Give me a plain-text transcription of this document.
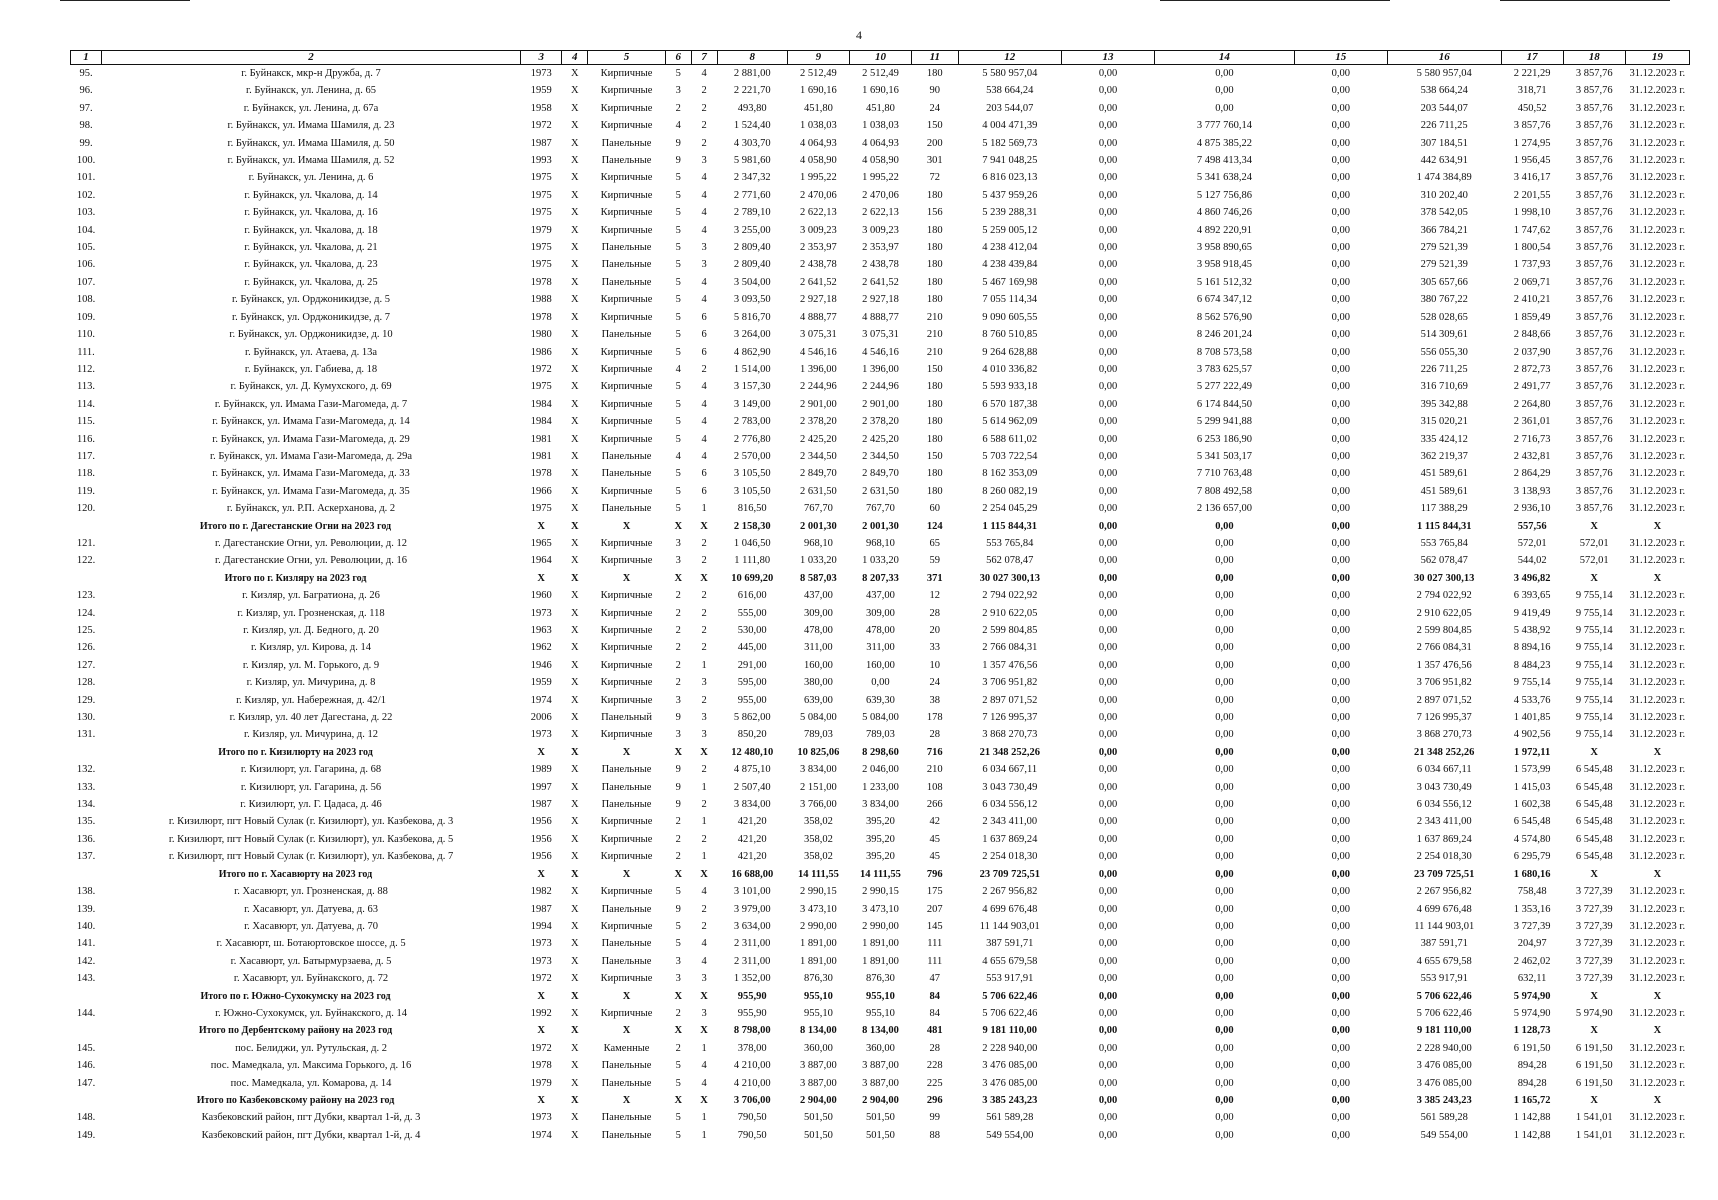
4
1	2	3	4	5	6	7	8	9	10	11	12	13	14	15	16	17	18	19
95.	г. Буйнакск, мкр-н Дружба, д. 7	1973	X	Кирпичные	5	4	2 881,00	2 512,49	2 512,49	180	5 580 957,04	0,00	0,00	0,00	5 580 957,04	2 221,29	3 857,76	31.12.2023 г.
96.	г. Буйнакск, ул. Ленина, д. 65	1959	X	Кирпичные	3	2	2 221,70	1 690,16	1 690,16	90	538 664,24	0,00	0,00	0,00	538 664,24	318,71	3 857,76	31.12.2023 г.
97.	г. Буйнакск, ул. Ленина, д. 67а	1958	X	Кирпичные	2	2	493,80	451,80	451,80	24	203 544,07	0,00	0,00	0,00	203 544,07	450,52	3 857,76	31.12.2023 г.
98.	г. Буйнакск, ул. Имама Шамиля, д. 23	1972	X	Кирпичные	4	2	1 524,40	1 038,03	1 038,03	150	4 004 471,39	0,00	3 777 760,14	0,00	226 711,25	3 857,76	3 857,76	31.12.2023 г.
99.	г. Буйнакск, ул. Имама Шамиля, д. 50	1987	X	Панельные	9	2	4 303,70	4 064,93	4 064,93	200	5 182 569,73	0,00	4 875 385,22	0,00	307 184,51	1 274,95	3 857,76	31.12.2023 г.
100.	г. Буйнакск, ул. Имама Шамиля, д. 52	1993	X	Панельные	9	3	5 981,60	4 058,90	4 058,90	301	7 941 048,25	0,00	7 498 413,34	0,00	442 634,91	1 956,45	3 857,76	31.12.2023 г.
101.	г. Буйнакск, ул. Ленина, д. 6	1975	X	Кирпичные	5	4	2 347,32	1 995,22	1 995,22	72	6 816 023,13	0,00	5 341 638,24	0,00	1 474 384,89	3 416,17	3 857,76	31.12.2023 г.
102.	г. Буйнакск, ул. Чкалова, д. 14	1975	X	Кирпичные	5	4	2 771,60	2 470,06	2 470,06	180	5 437 959,26	0,00	5 127 756,86	0,00	310 202,40	2 201,55	3 857,76	31.12.2023 г.
103.	г. Буйнакск, ул. Чкалова, д. 16	1975	X	Кирпичные	5	4	2 789,10	2 622,13	2 622,13	156	5 239 288,31	0,00	4 860 746,26	0,00	378 542,05	1 998,10	3 857,76	31.12.2023 г.
104.	г. Буйнакск, ул. Чкалова, д. 18	1979	X	Кирпичные	5	4	3 255,00	3 009,23	3 009,23	180	5 259 005,12	0,00	4 892 220,91	0,00	366 784,21	1 747,62	3 857,76	31.12.2023 г.
105.	г. Буйнакск, ул. Чкалова, д. 21	1975	X	Панельные	5	3	2 809,40	2 353,97	2 353,97	180	4 238 412,04	0,00	3 958 890,65	0,00	279 521,39	1 800,54	3 857,76	31.12.2023 г.
106.	г. Буйнакск, ул. Чкалова, д. 23	1975	X	Панельные	5	3	2 809,40	2 438,78	2 438,78	180	4 238 439,84	0,00	3 958 918,45	0,00	279 521,39	1 737,93	3 857,76	31.12.2023 г.
107.	г. Буйнакск, ул. Чкалова, д. 25	1978	X	Панельные	5	4	3 504,00	2 641,52	2 641,52	180	5 467 169,98	0,00	5 161 512,32	0,00	305 657,66	2 069,71	3 857,76	31.12.2023 г.
108.	г. Буйнакск, ул. Орджоникидзе, д. 5	1988	X	Кирпичные	5	4	3 093,50	2 927,18	2 927,18	180	7 055 114,34	0,00	6 674 347,12	0,00	380 767,22	2 410,21	3 857,76	31.12.2023 г.
109.	г. Буйнакск, ул. Орджоникидзе, д. 7	1978	X	Кирпичные	5	6	5 816,70	4 888,77	4 888,77	210	9 090 605,55	0,00	8 562 576,90	0,00	528 028,65	1 859,49	3 857,76	31.12.2023 г.
110.	г. Буйнакск, ул. Орджоникидзе, д. 10	1980	X	Панельные	5	6	3 264,00	3 075,31	3 075,31	210	8 760 510,85	0,00	8 246 201,24	0,00	514 309,61	2 848,66	3 857,76	31.12.2023 г.
111.	г. Буйнакск, ул. Атаева, д. 13а	1986	X	Кирпичные	5	6	4 862,90	4 546,16	4 546,16	210	9 264 628,88	0,00	8 708 573,58	0,00	556 055,30	2 037,90	3 857,76	31.12.2023 г.
112.	г. Буйнакск, ул. Габиева, д. 18	1972	X	Кирпичные	4	2	1 514,00	1 396,00	1 396,00	150	4 010 336,82	0,00	3 783 625,57	0,00	226 711,25	2 872,73	3 857,76	31.12.2023 г.
113.	г. Буйнакск, ул. Д. Кумухского, д. 69	1975	X	Кирпичные	5	4	3 157,30	2 244,96	2 244,96	180	5 593 933,18	0,00	5 277 222,49	0,00	316 710,69	2 491,77	3 857,76	31.12.2023 г.
114.	г. Буйнакск, ул. Имама Гази-Магомеда, д. 7	1984	X	Кирпичные	5	4	3 149,00	2 901,00	2 901,00	180	6 570 187,38	0,00	6 174 844,50	0,00	395 342,88	2 264,80	3 857,76	31.12.2023 г.
115.	г. Буйнакск, ул. Имама Гази-Магомеда, д. 14	1984	X	Кирпичные	5	4	2 783,00	2 378,20	2 378,20	180	5 614 962,09	0,00	5 299 941,88	0,00	315 020,21	2 361,01	3 857,76	31.12.2023 г.
116.	г. Буйнакск, ул. Имама Гази-Магомеда, д. 29	1981	X	Кирпичные	5	4	2 776,80	2 425,20	2 425,20	180	6 588 611,02	0,00	6 253 186,90	0,00	335 424,12	2 716,73	3 857,76	31.12.2023 г.
117.	г. Буйнакск, ул. Имама Гази-Магомеда, д. 29а	1981	X	Панельные	4	4	2 570,00	2 344,50	2 344,50	150	5 703 722,54	0,00	5 341 503,17	0,00	362 219,37	2 432,81	3 857,76	31.12.2023 г.
118.	г. Буйнакск, ул. Имама Гази-Магомеда, д. 33	1978	X	Панельные	5	6	3 105,50	2 849,70	2 849,70	180	8 162 353,09	0,00	7 710 763,48	0,00	451 589,61	2 864,29	3 857,76	31.12.2023 г.
119.	г. Буйнакск, ул. Имама Гази-Магомеда, д. 35	1966	X	Кирпичные	5	6	3 105,50	2 631,50	2 631,50	180	8 260 082,19	0,00	7 808 492,58	0,00	451 589,61	3 138,93	3 857,76	31.12.2023 г.
120.	г. Буйнакск, ул. Р.П. Аскерханова, д. 2	1975	X	Панельные	5	1	816,50	767,70	767,70	60	2 254 045,29	0,00	2 136 657,00	0,00	117 388,29	2 936,10	3 857,76	31.12.2023 г.
Итого по г. Дагестанские Огни на 2023 год		X	X	X	X	X	2 158,30	2 001,30	2 001,30	124	1 115 844,31	0,00	0,00	0,00	1 115 844,31	557,56	X	X
121.	г. Дагестанские Огни, ул. Революции, д. 12	1965	X	Кирпичные	3	2	1 046,50	968,10	968,10	65	553 765,84	0,00	0,00	0,00	553 765,84	572,01	572,01	31.12.2023 г.
122.	г. Дагестанские Огни, ул. Революции, д. 16	1964	X	Кирпичные	3	2	1 111,80	1 033,20	1 033,20	59	562 078,47	0,00	0,00	0,00	562 078,47	544,02	572,01	31.12.2023 г.
Итого по г. Кизляру на 2023 год		X	X	X	X	X	10 699,20	8 587,03	8 207,33	371	30 027 300,13	0,00	0,00	0,00	30 027 300,13	3 496,82	X	X
123.	г. Кизляр, ул. Багратиона, д. 26	1960	X	Кирпичные	2	2	616,00	437,00	437,00	12	2 794 022,92	0,00	0,00	0,00	2 794 022,92	6 393,65	9 755,14	31.12.2023 г.
124.	г. Кизляр, ул. Грозненская, д. 118	1973	X	Кирпичные	2	2	555,00	309,00	309,00	28	2 910 622,05	0,00	0,00	0,00	2 910 622,05	9 419,49	9 755,14	31.12.2023 г.
125.	г. Кизляр, ул. Д. Бедного, д. 20	1963	X	Кирпичные	2	2	530,00	478,00	478,00	20	2 599 804,85	0,00	0,00	0,00	2 599 804,85	5 438,92	9 755,14	31.12.2023 г.
126.	г. Кизляр, ул. Кирова, д. 14	1962	X	Кирпичные	2	2	445,00	311,00	311,00	33	2 766 084,31	0,00	0,00	0,00	2 766 084,31	8 894,16	9 755,14	31.12.2023 г.
127.	г. Кизляр, ул. М. Горького, д. 9	1946	X	Кирпичные	2	1	291,00	160,00	160,00	10	1 357 476,56	0,00	0,00	0,00	1 357 476,56	8 484,23	9 755,14	31.12.2023 г.
128.	г. Кизляр, ул. Мичурина, д. 8	1959	X	Кирпичные	2	3	595,00	380,00	0,00	24	3 706 951,82	0,00	0,00	0,00	3 706 951,82	9 755,14	9 755,14	31.12.2023 г.
129.	г. Кизляр, ул. Набережная, д. 42/1	1974	X	Кирпичные	3	2	955,00	639,00	639,30	38	2 897 071,52	0,00	0,00	0,00	2 897 071,52	4 533,76	9 755,14	31.12.2023 г.
130.	г. Кизляр, ул. 40 лет Дагестана, д. 22	2006	X	Панельный	9	3	5 862,00	5 084,00	5 084,00	178	7 126 995,37	0,00	0,00	0,00	7 126 995,37	1 401,85	9 755,14	31.12.2023 г.
131.	г. Кизляр, ул. Мичурина, д. 12	1973	X	Кирпичные	3	3	850,20	789,03	789,03	28	3 868 270,73	0,00	0,00	0,00	3 868 270,73	4 902,56	9 755,14	31.12.2023 г.
Итого по г. Кизилюрту на 2023 год		X	X	X	X	X	12 480,10	10 825,06	8 298,60	716	21 348 252,26	0,00	0,00	0,00	21 348 252,26	1 972,11	X	X
132.	г. Кизилюрт, ул. Гагарина, д. 68	1989	X	Панельные	9	2	4 875,10	3 834,00	2 046,00	210	6 034 667,11	0,00	0,00	0,00	6 034 667,11	1 573,99	6 545,48	31.12.2023 г.
133.	г. Кизилюрт, ул. Гагарина, д. 56	1997	X	Панельные	9	1	2 507,40	2 151,00	1 233,00	108	3 043 730,49	0,00	0,00	0,00	3 043 730,49	1 415,03	6 545,48	31.12.2023 г.
134.	г. Кизилюрт, ул. Г. Цадаса, д. 46	1987	X	Панельные	9	2	3 834,00	3 766,00	3 834,00	266	6 034 556,12	0,00	0,00	0,00	6 034 556,12	1 602,38	6 545,48	31.12.2023 г.
135.	г. Кизилюрт, пгт Новый Сулак (г. Кизилюрт), ул. Казбекова, д. 3	1956	X	Кирпичные	2	1	421,20	358,02	395,20	42	2 343 411,00	0,00	0,00	0,00	2 343 411,00	6 545,48	6 545,48	31.12.2023 г.
136.	г. Кизилюрт, пгт Новый Сулак (г. Кизилюрт), ул. Казбекова, д. 5	1956	X	Кирпичные	2	2	421,20	358,02	395,20	45	1 637 869,24	0,00	0,00	0,00	1 637 869,24	4 574,80	6 545,48	31.12.2023 г.
137.	г. Кизилюрт, пгт Новый Сулак (г. Кизилюрт), ул. Казбекова, д. 7	1956	X	Кирпичные	2	1	421,20	358,02	395,20	45	2 254 018,30	0,00	0,00	0,00	2 254 018,30	6 295,79	6 545,48	31.12.2023 г.
Итого по г. Хасавюрту на 2023 год		X	X	X	X	X	16 688,00	14 111,55	14 111,55	796	23 709 725,51	0,00	0,00	0,00	23 709 725,51	1 680,16	X	X
138.	г. Хасавюрт, ул. Грозненская, д. 88	1982	X	Кирпичные	5	4	3 101,00	2 990,15	2 990,15	175	2 267 956,82	0,00	0,00	0,00	2 267 956,82	758,48	3 727,39	31.12.2023 г.
139.	г. Хасавюрт, ул. Датуева, д. 63	1987	X	Панельные	9	2	3 979,00	3 473,10	3 473,10	207	4 699 676,48	0,00	0,00	0,00	4 699 676,48	1 353,16	3 727,39	31.12.2023 г.
140.	г. Хасавюрт, ул. Датуева, д. 70	1994	X	Кирпичные	5	2	3 634,00	2 990,00	2 990,00	145	11 144 903,01	0,00	0,00	0,00	11 144 903,01	3 727,39	3 727,39	31.12.2023 г.
141.	г. Хасавюрт, ш. Ботаюртовское шоссе, д. 5	1973	X	Панельные	5	4	2 311,00	1 891,00	1 891,00	111	387 591,71	0,00	0,00	0,00	387 591,71	204,97	3 727,39	31.12.2023 г.
142.	г. Хасавюрт, ул. Батырмурзаева, д. 5	1973	X	Панельные	3	4	2 311,00	1 891,00	1 891,00	111	4 655 679,58	0,00	0,00	0,00	4 655 679,58	2 462,02	3 727,39	31.12.2023 г.
143.	г. Хасавюрт, ул. Буйнакского, д. 72	1972	X	Кирпичные	3	3	1 352,00	876,30	876,30	47	553 917,91	0,00	0,00	0,00	553 917,91	632,11	3 727,39	31.12.2023 г.
Итого по г. Южно-Сухокумску на 2023 год		X	X	X	X	X	955,90	955,10	955,10	84	5 706 622,46	0,00	0,00	0,00	5 706 622,46	5 974,90	X	X
144.	г. Южно-Сухокумск, ул. Буйнакского, д. 14	1992	X	Кирпичные	2	3	955,90	955,10	955,10	84	5 706 622,46	0,00	0,00	0,00	5 706 622,46	5 974,90	5 974,90	31.12.2023 г.
Итого по Дербентскому району на 2023 год		X	X	X	X	X	8 798,00	8 134,00	8 134,00	481	9 181 110,00	0,00	0,00	0,00	9 181 110,00	1 128,73	X	X
145.	пос. Белиджи, ул. Рутульская, д. 2	1972	X	Каменные	2	1	378,00	360,00	360,00	28	2 228 940,00	0,00	0,00	0,00	2 228 940,00	6 191,50	6 191,50	31.12.2023 г.
146.	пос. Мамедкала, ул. Максима Горького, д. 16	1978	X	Панельные	5	4	4 210,00	3 887,00	3 887,00	228	3 476 085,00	0,00	0,00	0,00	3 476 085,00	894,28	6 191,50	31.12.2023 г.
147.	пос. Мамедкала, ул. Комарова, д. 14	1979	X	Панельные	5	4	4 210,00	3 887,00	3 887,00	225	3 476 085,00	0,00	0,00	0,00	3 476 085,00	894,28	6 191,50	31.12.2023 г.
Итого по Казбековскому району на 2023 год		X	X	X	X	X	3 706,00	2 904,00	2 904,00	296	3 385 243,23	0,00	0,00	0,00	3 385 243,23	1 165,72	X	X
148.	Казбековский район, пгт Дубки, квартал 1-й, д. 3	1973	X	Панельные	5	1	790,50	501,50	501,50	99	561 589,28	0,00	0,00	0,00	561 589,28	1 142,88	1 541,01	31.12.2023 г.
149.	Казбековский район, пгт Дубки, квартал 1-й, д. 4	1974	X	Панельные	5	1	790,50	501,50	501,50	88	549 554,00	0,00	0,00	0,00	549 554,00	1 142,88	1 541,01	31.12.2023 г.
